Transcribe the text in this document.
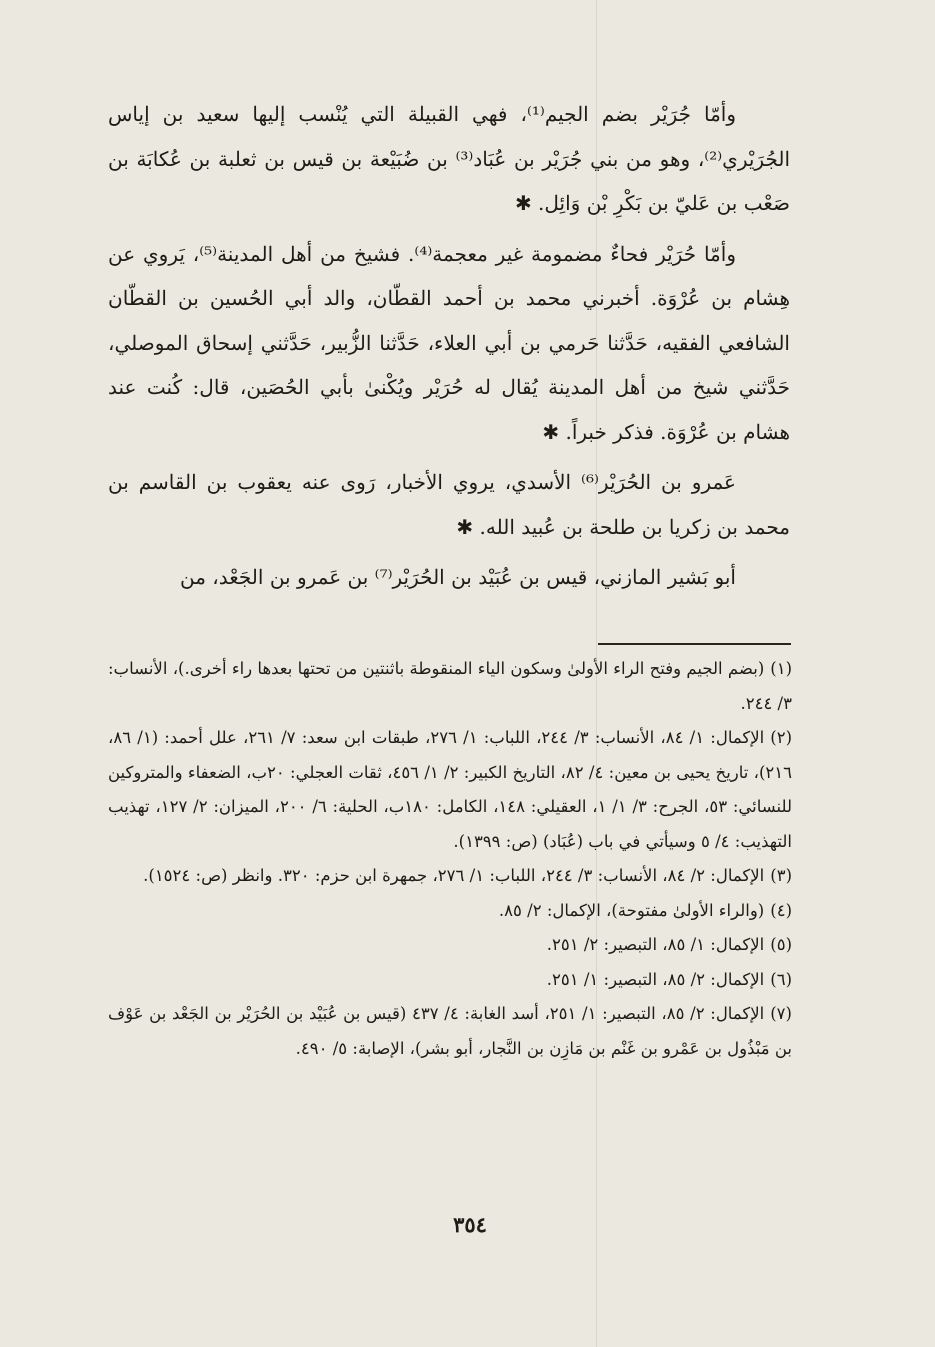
وأمّا جُرَيْر بضم الجيم⁽¹⁾، فهي القبيلة التي يُنْسب إليها سعيد بن إياس الجُرَيْري⁽²⁾، وهو من بني جُرَيْر بن عُبَاد⁽³⁾ بن ضُبَيْعة بن قيس بن ثعلبة بن عُكابَة بن صَعْب بن عَليّ بن بَكْرِ بْن وَائِل. ✱

وأمّا حُرَيْر فحاءٌ مضمومة غير معجمة⁽⁴⁾. فشيخ من أهل المدينة⁽⁵⁾، يَروي عن هِشام بن عُرْوَة. أخبرني محمد بن أحمد القطّان، والد أبي الحُسين بن القطّان الشافعي الفقيه، حَدَّثنا حَرمي بن أبي العلاء، حَدَّثنا الزُّبير، حَدَّثني إسحاق الموصلي، حَدَّثني شيخ من أهل المدينة يُقال له حُرَيْر ويُكْنىٰ بأبي الحُصَين، قال: كُنت عند هشام بن عُرْوَة. فذكر خبراً. ✱

عَمرو بن الحُرَيْر⁽⁶⁾ الأسدي، يروي الأخبار، رَوى عنه يعقوب بن القاسم بن محمد بن زكريا بن طلحة بن عُبيد الله. ✱

أبو بَشير المازني، قيس بن عُبَيْد بن الحُرَيْر⁽⁷⁾ بن عَمرو بن الجَعْد، من

(١)(بضم الجيم وفتح الراء الأولىٰ وسكون الياء المنقوطة باثنتين من تحتها بعدها راء أخرى.)، الأنساب: ٣/ ٢٤٤.

(٢)الإكمال: ١/ ٨٤، الأنساب: ٣/ ٢٤٤، اللباب: ١/ ٢٧٦، طبقات ابن سعد: ٧/ ٢٦١، علل أحمد: (١/ ٨٦، ٢١٦)، تاريخ يحيى بن معين: ٤/ ٨٢، التاريخ الكبير: ٢/ ١/ ٤٥٦، ثقات العجلي: ٢٠ب، الضعفاء والمتروكين للنسائي: ٥٣، الجرح: ٣/ ١/ ١، العقيلي: ١٤٨، الكامل: ١٨٠ب، الحلية: ٦/ ٢٠٠، الميزان: ٢/ ١٢٧، تهذيب التهذيب: ٤/ ٥ وسيأتي في باب (عُبَاد) (ص: ١٣٩٩).

(٣)الإكمال: ٢/ ٨٤، الأنساب: ٣/ ٢٤٤، اللباب: ١/ ٢٧٦، جمهرة ابن حزم: ٣٢٠. وانظر (ص: ١٥٢٤).

(٤)(والراء الأولىٰ مفتوحة)، الإكمال: ٢/ ٨٥.

(٥)الإكمال: ١/ ٨٥، التبصير: ٢/ ٢٥١.

(٦)الإكمال: ٢/ ٨٥، التبصير: ١/ ٢٥١.

(٧)الإكمال: ٢/ ٨٥، التبصير: ١/ ٢٥١، أسد الغابة: ٤/ ٤٣٧ (قيس بن عُبَيْد بن الحُرَيْر بن الجَعْد بن عَوْف بن مَبْذُول بن عَمْرو بن غَنْم بن مَازِن بن النَّجار، أبو بشر)، الإصابة: ٥/ ٤٩٠.

٣٥٤
